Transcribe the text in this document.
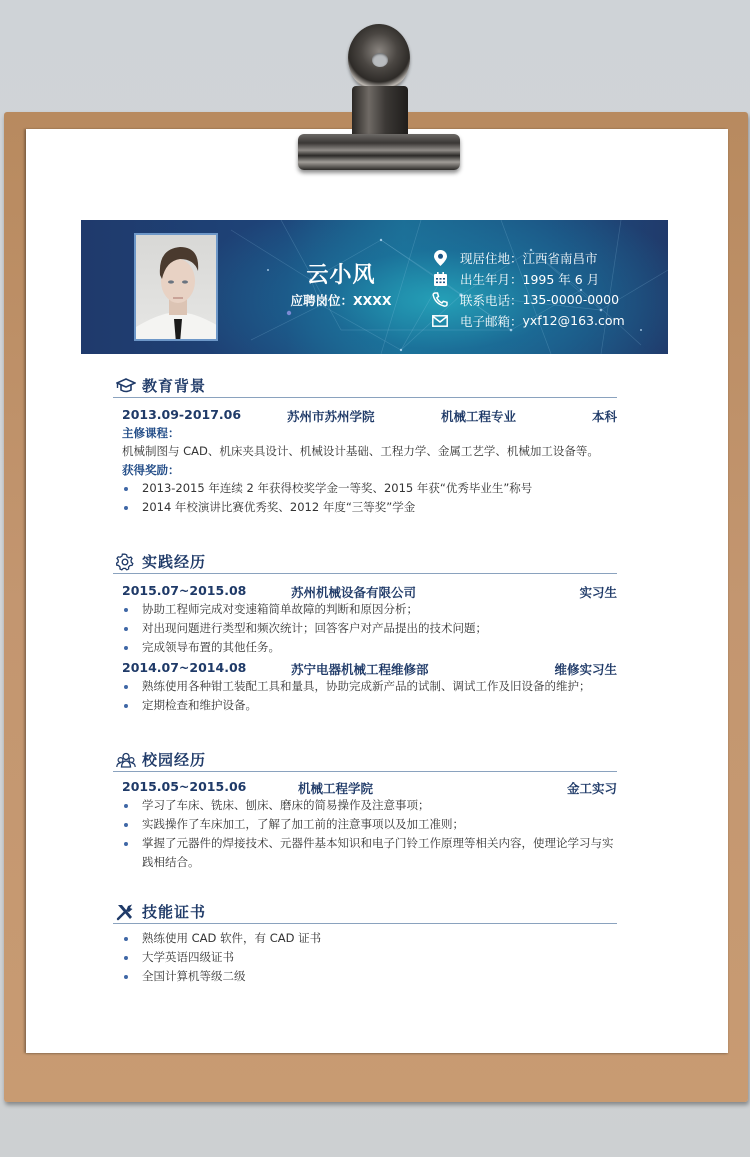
云小风
应聘岗位：XXXX
现居住地： 江西省南昌市
出生年月： 1995 年 6 月
联系电话： 135-0000-0000
电子邮箱： yxf12@163.com
教育背景
2013.09-2017.06	苏州市苏州学院	机械工程专业	本科
主修课程：
机械制图与 CAD、机床夹具设计、机械设计基础、工程力学、金属工艺学、机械加工设备等。
获得奖励：
2013-2015 年连续 2 年获得校奖学金一等奖、2015 年获“优秀毕业生”称号
2014 年校演讲比赛优秀奖、2012 年度“三等奖”学金
实践经历
2015.07~2015.08	苏州机械设备有限公司	实习生
协助工程师完成对变速箱简单故障的判断和原因分析；
对出现问题进行类型和频次统计；回答客户对产品提出的技术问题；
完成领导布置的其他任务。
2014.07~2014.08	苏宁电器机械工程维修部	维修实习生
熟练使用各种钳工装配工具和量具，协助完成新产品的试制、调试工作及旧设备的维护；
定期检查和维护设备。
校园经历
2015.05~2015.06	机械工程学院	金工实习
学习了车床、铣床、刨床、磨床的简易操作及注意事项；
实践操作了车床加工，了解了加工前的注意事项以及加工准则；
掌握了元器件的焊接技术、元器件基本知识和电子门铃工作原理等相关内容，使理论学习与实践相结合。
技能证书
熟练使用 CAD 软件，有 CAD 证书
大学英语四级证书
全国计算机等级二级
